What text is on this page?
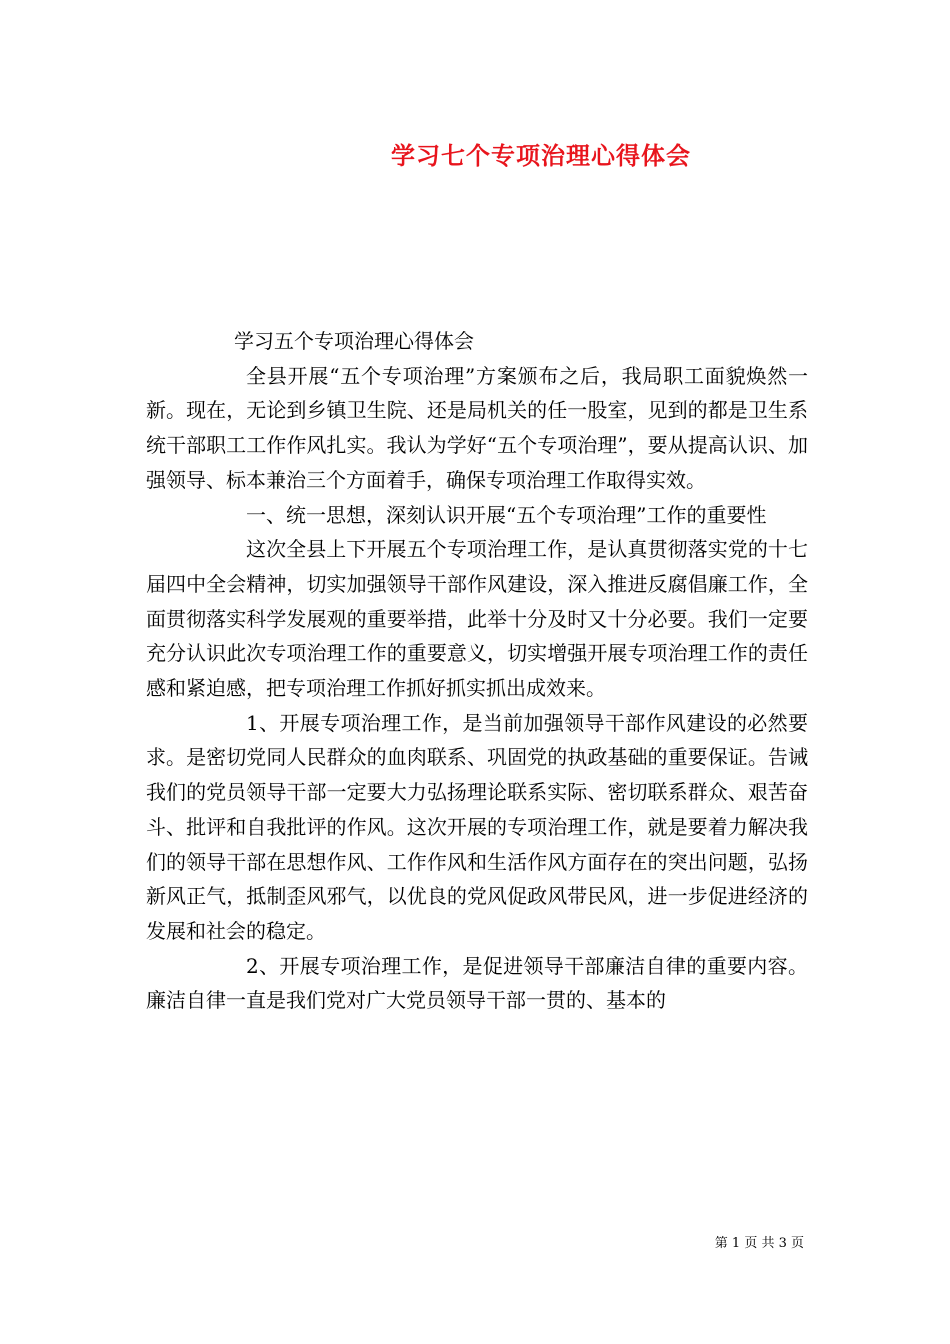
学习七个专项治理心得体会

学习五个专项治理心得体会

全县开展“五个专项治理”方案颁布之后，我局职工面貌焕然一新。现在，无论到乡镇卫生院、还是局机关的任一股室，见到的都是卫生系统干部职工工作作风扎实。我认为学好“五个专项治理”，要从提高认识、加强领导、标本兼治三个方面着手，确保专项治理工作取得实效。

一、统一思想，深刻认识开展“五个专项治理”工作的重要性

这次全县上下开展五个专项治理工作，是认真贯彻落实党的十七届四中全会精神，切实加强领导干部作风建设，深入推进反腐倡廉工作，全面贯彻落实科学发展观的重要举措，此举十分及时又十分必要。我们一定要充分认识此次专项治理工作的重要意义，切实增强开展专项治理工作的责任感和紧迫感，把专项治理工作抓好抓实抓出成效来。

1、开展专项治理工作，是当前加强领导干部作风建设的必然要求。是密切党同人民群众的血肉联系、巩固党的执政基础的重要保证。告诫我们的党员领导干部一定要大力弘扬理论联系实际、密切联系群众、艰苦奋斗、批评和自我批评的作风。这次开展的专项治理工作，就是要着力解决我们的领导干部在思想作风、工作作风和生活作风方面存在的突出问题，弘扬新风正气，抵制歪风邪气，以优良的党风促政风带民风，进一步促进经济的发展和社会的稳定。

2、开展专项治理工作，是促进领导干部廉洁自律的重要内容。廉洁自律一直是我们党对广大党员领导干部一贯的、基本的

第 1 页 共 3 页
